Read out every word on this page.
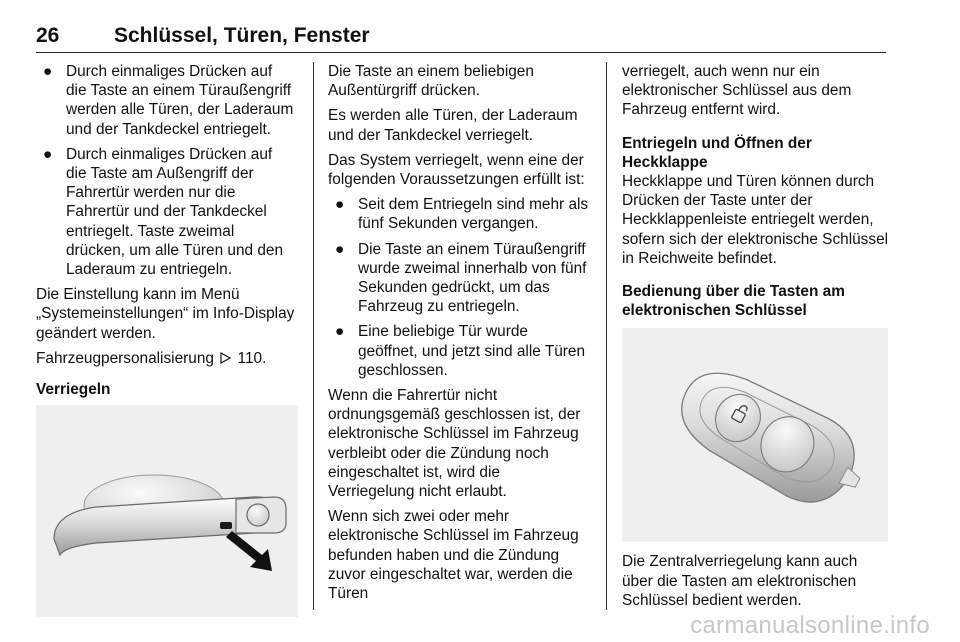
26	Schlüssel, Türen, Fenster
● Durch einmaliges Drücken auf die Taste an einem Türaußengriff werden alle Türen, der Laderaum und der Tankdeckel entriegelt.
● Durch einmaliges Drücken auf die Taste am Außengriff der Fahrertür werden nur die Fahrertür und der Tankdeckel entriegelt. Taste zweimal drücken, um alle Türen und den Laderaum zu entriegeln.

Die Einstellung kann im Menü „Systemeinstellungen“ im Info-Display geändert werden.

Fahrzeugpersonalisierung 110.

Verriegeln

Die Taste an einem beliebigen Außentürgriff drücken.

Es werden alle Türen, der Laderaum und der Tankdeckel verriegelt.

Das System verriegelt, wenn eine der folgenden Voraussetzungen erfüllt ist:

● Seit dem Entriegeln sind mehr als fünf Sekunden vergangen.
● Die Taste an einem Türaußengriff wurde zweimal innerhalb von fünf Sekunden gedrückt, um das Fahrzeug zu entriegeln.
● Eine beliebige Tür wurde geöffnet, und jetzt sind alle Türen geschlossen.

Wenn die Fahrertür nicht ordnungsgemäß geschlossen ist, der elektronische Schlüssel im Fahrzeug verbleibt oder die Zündung noch eingeschaltet ist, wird die Verriegelung nicht erlaubt.

Wenn sich zwei oder mehr elektronische Schlüssel im Fahrzeug befunden haben und die Zündung zuvor eingeschaltet war, werden die Türen

verriegelt, auch wenn nur ein elektronischer Schlüssel aus dem Fahrzeug entfernt wird.

Entriegeln und Öffnen der Heckklappe

Heckklappe und Türen können durch Drücken der Taste unter der Heckklappenleiste entriegelt werden, sofern sich der elektronische Schlüssel in Reichweite befindet.

Bedienung über die Tasten am elektronischen Schlüssel

Die Zentralverriegelung kann auch über die Tasten am elektronischen Schlüssel bedient werden.

carmanualsonline.info
